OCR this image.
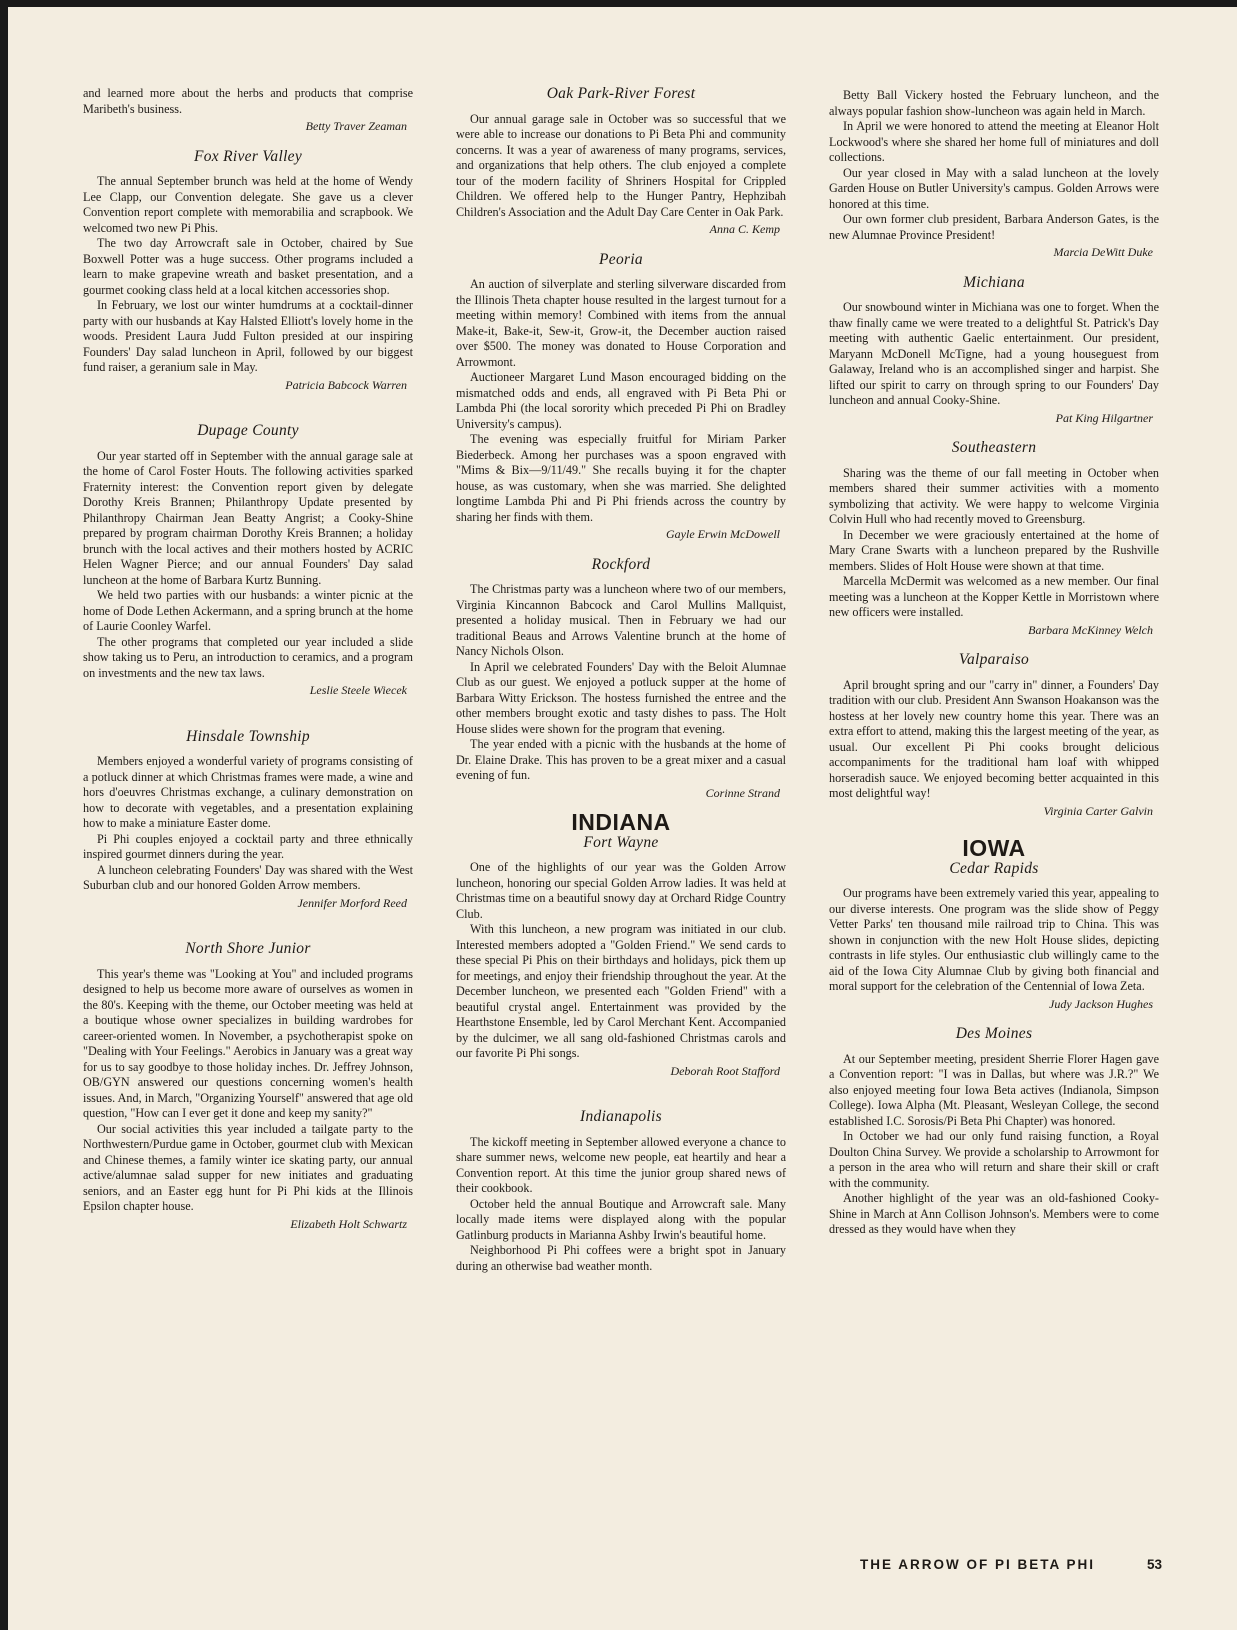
and learned more about the herbs and products that comprise Maribeth's business.

Betty Traver Zeaman
Fox River Valley

The annual September brunch was held at the home of Wendy Lee Clapp, our Convention delegate. She gave us a clever Convention report complete with memorabilia and scrapbook. We welcomed two new Pi Phis.

The two day Arrowcraft sale in October, chaired by Sue Boxwell Potter was a huge success. Other programs included a learn to make grapevine wreath and basket presentation, and a gourmet cooking class held at a local kitchen accessories shop.

In February, we lost our winter humdrums at a cocktail-dinner party with our husbands at Kay Halsted Elliott's lovely home in the woods. President Laura Judd Fulton presided at our inspiring Founders' Day salad luncheon in April, followed by our biggest fund raiser, a geranium sale in May.

Patricia Babcock Warren
Dupage County

Our year started off in September with the annual garage sale at the home of Carol Foster Houts. The following activities sparked Fraternity interest: the Convention report given by delegate Dorothy Kreis Brannen; Philanthropy Update presented by Philanthropy Chairman Jean Beatty Angrist; a Cooky-Shine prepared by program chairman Dorothy Kreis Brannen; a holiday brunch with the local actives and their mothers hosted by ACRIC Helen Wagner Pierce; and our annual Founders' Day salad luncheon at the home of Barbara Kurtz Bunning.

We held two parties with our husbands: a winter picnic at the home of Dode Lethen Ackermann, and a spring brunch at the home of Laurie Coonley Warfel.

The other programs that completed our year included a slide show taking us to Peru, an introduction to ceramics, and a program on investments and the new tax laws.

Leslie Steele Wiecek
Hinsdale Township

Members enjoyed a wonderful variety of programs consisting of a potluck dinner at which Christmas frames were made, a wine and hors d'oeuvres Christmas exchange, a culinary demonstration on how to decorate with vegetables, and a presentation explaining how to make a miniature Easter dome.

Pi Phi couples enjoyed a cocktail party and three ethnically inspired gourmet dinners during the year.

A luncheon celebrating Founders' Day was shared with the West Suburban club and our honored Golden Arrow members.

Jennifer Morford Reed
North Shore Junior

This year's theme was "Looking at You" and included programs designed to help us become more aware of ourselves as women in the 80's. Keeping with the theme, our October meeting was held at a boutique whose owner specializes in building wardrobes for career-oriented women. In November, a psychotherapist spoke on "Dealing with Your Feelings." Aerobics in January was a great way for us to say goodbye to those holiday inches. Dr. Jeffrey Johnson, OB/GYN answered our questions concerning women's health issues. And, in March, "Organizing Yourself" answered that age old question, "How can I ever get it done and keep my sanity?"

Our social activities this year included a tailgate party to the Northwestern/Purdue game in October, gourmet club with Mexican and Chinese themes, a family winter ice skating party, our annual active/alumnae salad supper for new initiates and graduating seniors, and an Easter egg hunt for Pi Phi kids at the Illinois Epsilon chapter house.

Elizabeth Holt Schwartz
Oak Park-River Forest

Our annual garage sale in October was so successful that we were able to increase our donations to Pi Beta Phi and community concerns. It was a year of awareness of many programs, services, and organizations that help others. The club enjoyed a complete tour of the modern facility of Shriners Hospital for Crippled Children. We offered help to the Hunger Pantry, Hephzibah Children's Association and the Adult Day Care Center in Oak Park.

Anna C. Kemp
Peoria

An auction of silverplate and sterling silverware discarded from the Illinois Theta chapter house resulted in the largest turnout for a meeting within memory! Combined with items from the annual Make-it, Bake-it, Sew-it, Grow-it, the December auction raised over $500. The money was donated to House Corporation and Arrowmont.

Auctioneer Margaret Lund Mason encouraged bidding on the mismatched odds and ends, all engraved with Pi Beta Phi or Lambda Phi (the local sorority which preceded Pi Phi on Bradley University's campus).

The evening was especially fruitful for Miriam Parker Biederbeck. Among her purchases was a spoon engraved with "Mims & Bix—9/11/49." She recalls buying it for the chapter house, as was customary, when she was married. She delighted longtime Lambda Phi and Pi Phi friends across the country by sharing her finds with them.

Gayle Erwin McDowell
Rockford

The Christmas party was a luncheon where two of our members, Virginia Kincannon Babcock and Carol Mullins Mallquist, presented a holiday musical. Then in February we had our traditional Beaus and Arrows Valentine brunch at the home of Nancy Nichols Olson.

In April we celebrated Founders' Day with the Beloit Alumnae Club as our guest. We enjoyed a potluck supper at the home of Barbara Witty Erickson. The hostess furnished the entree and the other members brought exotic and tasty dishes to pass. The Holt House slides were shown for the program that evening.

The year ended with a picnic with the husbands at the home of Dr. Elaine Drake. This has proven to be a great mixer and a casual evening of fun.

Corinne Strand
INDIANA
Fort Wayne

One of the highlights of our year was the Golden Arrow luncheon, honoring our special Golden Arrow ladies. It was held at Christmas time on a beautiful snowy day at Orchard Ridge Country Club.

With this luncheon, a new program was initiated in our club. Interested members adopted a "Golden Friend." We send cards to these special Pi Phis on their birthdays and holidays, pick them up for meetings, and enjoy their friendship throughout the year. At the December luncheon, we presented each "Golden Friend" with a beautiful crystal angel. Entertainment was provided by the Hearthstone Ensemble, led by Carol Merchant Kent. Accompanied by the dulcimer, we all sang old-fashioned Christmas carols and our favorite Pi Phi songs.

Deborah Root Stafford
Indianapolis

The kickoff meeting in September allowed everyone a chance to share summer news, welcome new people, eat heartily and hear a Convention report. At this time the junior group shared news of their cookbook.

October held the annual Boutique and Arrowcraft sale. Many locally made items were displayed along with the popular Gatlinburg products in Marianna Ashby Irwin's beautiful home.

Neighborhood Pi Phi coffees were a bright spot in January during an otherwise bad weather month.

Betty Ball Vickery hosted the February luncheon, and the always popular fashion show-luncheon was again held in March.

In April we were honored to attend the meeting at Eleanor Holt Lockwood's where she shared her home full of miniatures and doll collections.

Our year closed in May with a salad luncheon at the lovely Garden House on Butler University's campus. Golden Arrows were honored at this time.

Our own former club president, Barbara Anderson Gates, is the new Alumnae Province President!

Marcia DeWitt Duke
Michiana

Our snowbound winter in Michiana was one to forget. When the thaw finally came we were treated to a delightful St. Patrick's Day meeting with authentic Gaelic entertainment. Our president, Maryann McDonell McTigne, had a young houseguest from Galaway, Ireland who is an accomplished singer and harpist. She lifted our spirit to carry on through spring to our Founders' Day luncheon and annual Cooky-Shine.

Pat King Hilgartner
Southeastern

Sharing was the theme of our fall meeting in October when members shared their summer activities with a momento symbolizing that activity. We were happy to welcome Virginia Colvin Hull who had recently moved to Greensburg.

In December we were graciously entertained at the home of Mary Crane Swarts with a luncheon prepared by the Rushville members. Slides of Holt House were shown at that time.

Marcella McDermit was welcomed as a new member. Our final meeting was a luncheon at the Kopper Kettle in Morristown where new officers were installed.

Barbara McKinney Welch
Valparaiso

April brought spring and our "carry in" dinner, a Founders' Day tradition with our club. President Ann Swanson Hoakanson was the hostess at her lovely new country home this year. There was an extra effort to attend, making this the largest meeting of the year, as usual. Our excellent Pi Phi cooks brought delicious accompaniments for the traditional ham loaf with whipped horseradish sauce. We enjoyed becoming better acquainted in this most delightful way!

Virginia Carter Galvin
IOWA
Cedar Rapids

Our programs have been extremely varied this year, appealing to our diverse interests. One program was the slide show of Peggy Vetter Parks' ten thousand mile railroad trip to China. This was shown in conjunction with the new Holt House slides, depicting contrasts in life styles. Our enthusiastic club willingly came to the aid of the Iowa City Alumnae Club by giving both financial and moral support for the celebration of the Centennial of Iowa Zeta.

Judy Jackson Hughes
Des Moines

At our September meeting, president Sherrie Florer Hagen gave a Convention report: "I was in Dallas, but where was J.R.?" We also enjoyed meeting four Iowa Beta actives (Indianola, Simpson College). Iowa Alpha (Mt. Pleasant, Wesleyan College, the second established I.C. Sorosis/Pi Beta Phi Chapter) was honored.

In October we had our only fund raising function, a Royal Doulton China Survey. We provide a scholarship to Arrowmont for a person in the area who will return and share their skill or craft with the community.

Another highlight of the year was an old-fashioned Cooky-Shine in March at Ann Collison Johnson's. Members were to come dressed as they would have when they

THE ARROW OF PI BETA PHI	53
